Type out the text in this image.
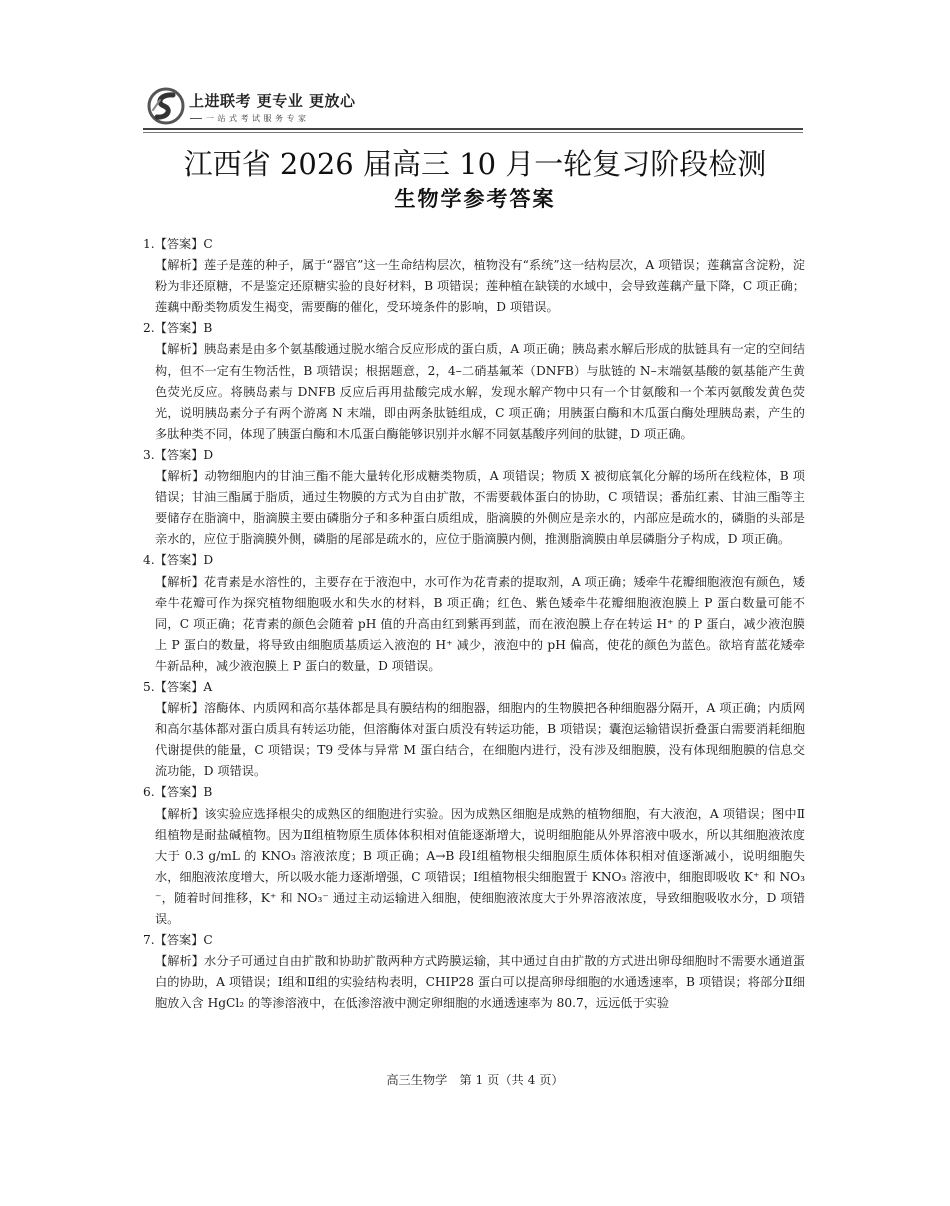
上进联考 更专业 更放心
一站式考试服务专家
江西省 2026 届高三 10 月一轮复习阶段检测
生物学参考答案

1.【答案】C

【解析】莲子是莲的种子，属于“器官”这一生命结构层次，植物没有“系统”这一结构层次，A 项错误；莲藕富含淀粉，淀粉为非还原糖，不是鉴定还原糖实验的良好材料，B 项错误；莲种植在缺镁的水域中，会导致莲藕产量下降，C 项正确；莲藕中酚类物质发生褐变，需要酶的催化，受环境条件的影响，D 项错误。

2.【答案】B

【解析】胰岛素是由多个氨基酸通过脱水缩合反应形成的蛋白质，A 项正确；胰岛素水解后形成的肽链具有一定的空间结构，但不一定有生物活性，B 项错误；根据题意，2，4–二硝基氟苯（DNFB）与肽链的 N–末端氨基酸的氨基能产生黄色荧光反应。将胰岛素与 DNFB 反应后再用盐酸完成水解，发现水解产物中只有一个甘氨酸和一个苯丙氨酸发黄色荧光，说明胰岛素分子有两个游离 N 末端，即由两条肽链组成，C 项正确；用胰蛋白酶和木瓜蛋白酶处理胰岛素，产生的多肽种类不同，体现了胰蛋白酶和木瓜蛋白酶能够识别并水解不同氨基酸序列间的肽键，D 项正确。

3.【答案】D

【解析】动物细胞内的甘油三酯不能大量转化形成糖类物质，A 项错误；物质 X 被彻底氧化分解的场所在线粒体，B 项错误；甘油三酯属于脂质，通过生物膜的方式为自由扩散，不需要载体蛋白的协助，C 项错误；番茄红素、甘油三酯等主要储存在脂滴中，脂滴膜主要由磷脂分子和多种蛋白质组成，脂滴膜的外侧应是亲水的，内部应是疏水的，磷脂的头部是亲水的，应位于脂滴膜外侧，磷脂的尾部是疏水的，应位于脂滴膜内侧，推测脂滴膜由单层磷脂分子构成，D 项正确。

4.【答案】D

【解析】花青素是水溶性的，主要存在于液泡中，水可作为花青素的提取剂，A 项正确；矮牵牛花瓣细胞液泡有颜色，矮牵牛花瓣可作为探究植物细胞吸水和失水的材料，B 项正确；红色、紫色矮牵牛花瓣细胞液泡膜上 P 蛋白数量可能不同，C 项正确；花青素的颜色会随着 pH 值的升高由红到紫再到蓝，而在液泡膜上存在转运 H⁺ 的 P 蛋白，减少液泡膜上 P 蛋白的数量，将导致由细胞质基质运入液泡的 H⁺ 减少，液泡中的 pH 偏高，使花的颜色为蓝色。欲培育蓝花矮牵牛新品种，减少液泡膜上 P 蛋白的数量，D 项错误。

5.【答案】A

【解析】溶酶体、内质网和高尔基体都是具有膜结构的细胞器，细胞内的生物膜把各种细胞器分隔开，A 项正确；内质网和高尔基体都对蛋白质具有转运功能，但溶酶体对蛋白质没有转运功能，B 项错误；囊泡运输错误折叠蛋白需要消耗细胞代谢提供的能量，C 项错误；T9 受体与异常 M 蛋白结合，在细胞内进行，没有涉及细胞膜，没有体现细胞膜的信息交流功能，D 项错误。

6.【答案】B

【解析】该实验应选择根尖的成熟区的细胞进行实验。因为成熟区细胞是成熟的植物细胞，有大液泡，A 项错误；图中Ⅱ组植物是耐盐碱植物。因为Ⅱ组植物原生质体体积相对值能逐渐增大，说明细胞能从外界溶液中吸水，所以其细胞液浓度大于 0.3 g/mL 的 KNO₃ 溶液浓度；B 项正确；A→B 段Ⅰ组植物根尖细胞原生质体体积相对值逐渐减小，说明细胞失水，细胞液浓度增大，所以吸水能力逐渐增强，C 项错误；Ⅰ组植物根尖细胞置于 KNO₃ 溶液中，细胞即吸收 K⁺ 和 NO₃⁻，随着时间推移，K⁺ 和 NO₃⁻ 通过主动运输进入细胞，使细胞液浓度大于外界溶液浓度，导致细胞吸收水分，D 项错误。

7.【答案】C

【解析】水分子可通过自由扩散和协助扩散两种方式跨膜运输，其中通过自由扩散的方式进出卵母细胞时不需要水通道蛋白的协助，A 项错误；Ⅰ组和Ⅱ组的实验结构表明，CHIP28 蛋白可以提高卵母细胞的水通透速率，B 项错误；将部分Ⅱ细胞放入含 HgCl₂ 的等渗溶液中，在低渗溶液中测定卵细胞的水通透速率为 80.7，远远低于实验

高三生物学　第 1 页（共 4 页）
